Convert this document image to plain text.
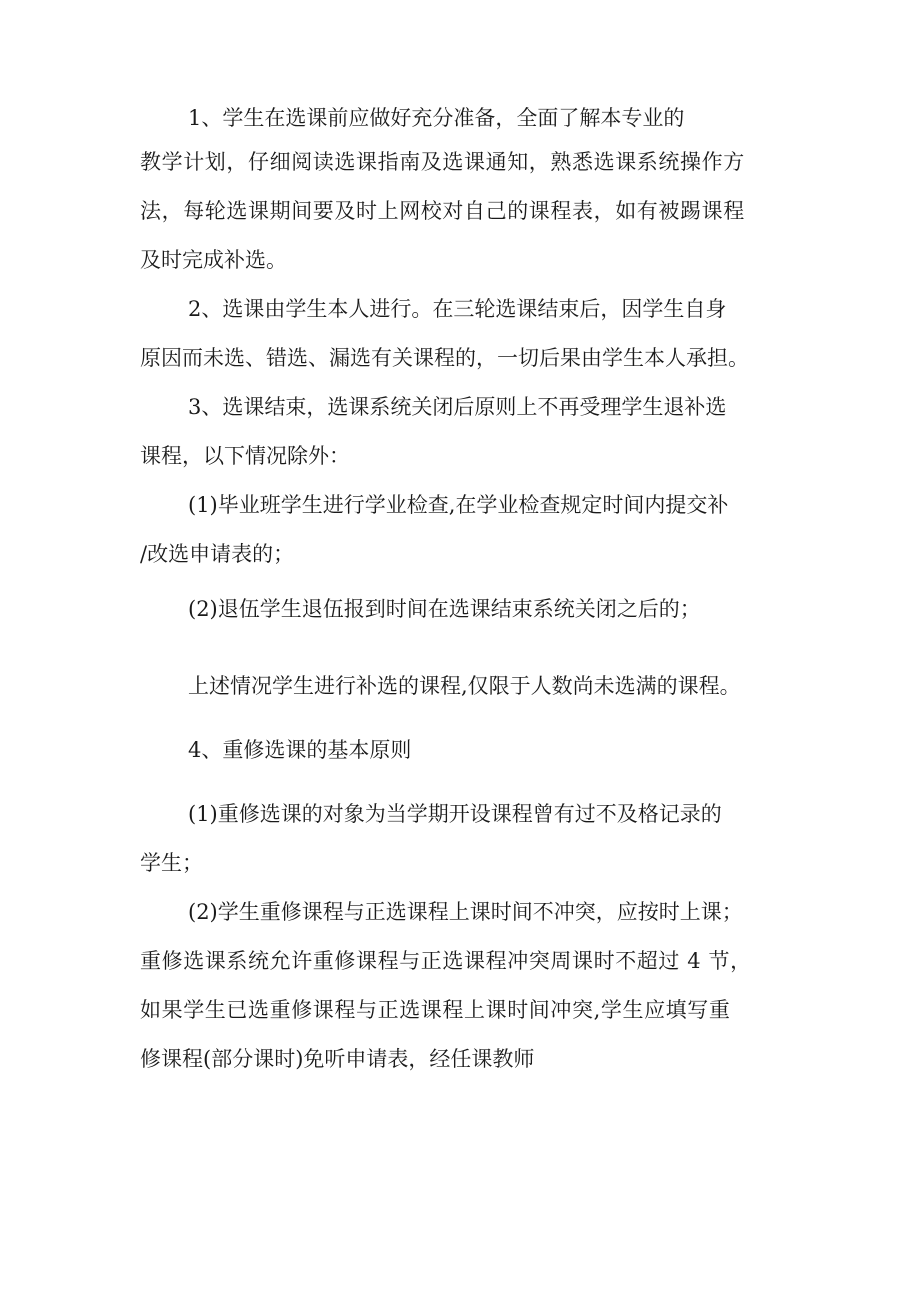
1、学生在选课前应做好充分准备，全面了解本专业的
教学计划，仔细阅读选课指南及选课通知，熟悉选课系统操作方
法，每轮选课期间要及时上网校对自己的课程表，如有被踢课程
及时完成补选。
2、选课由学生本人进行。在三轮选课结束后，因学生自身
原因而未选、错选、漏选有关课程的，一切后果由学生本人承担。
3、选课结束，选课系统关闭后原则上不再受理学生退补选
课程，以下情况除外：
(1)毕业班学生进行学业检查,在学业检查规定时间内提交补
/改选申请表的；
(2)退伍学生退伍报到时间在选课结束系统关闭之后的；
上述情况学生进行补选的课程,仅限于人数尚未选满的课程。
4、重修选课的基本原则
(1)重修选课的对象为当学期开设课程曾有过不及格记录的
学生；
(2)学生重修课程与正选课程上课时间不冲突，应按时上课；
重修选课系统允许重修课程与正选课程冲突周课时不超过 4 节，
如果学生已选重修课程与正选课程上课时间冲突,学生应填写重
修课程(部分课时)免听申请表，经任课教师
